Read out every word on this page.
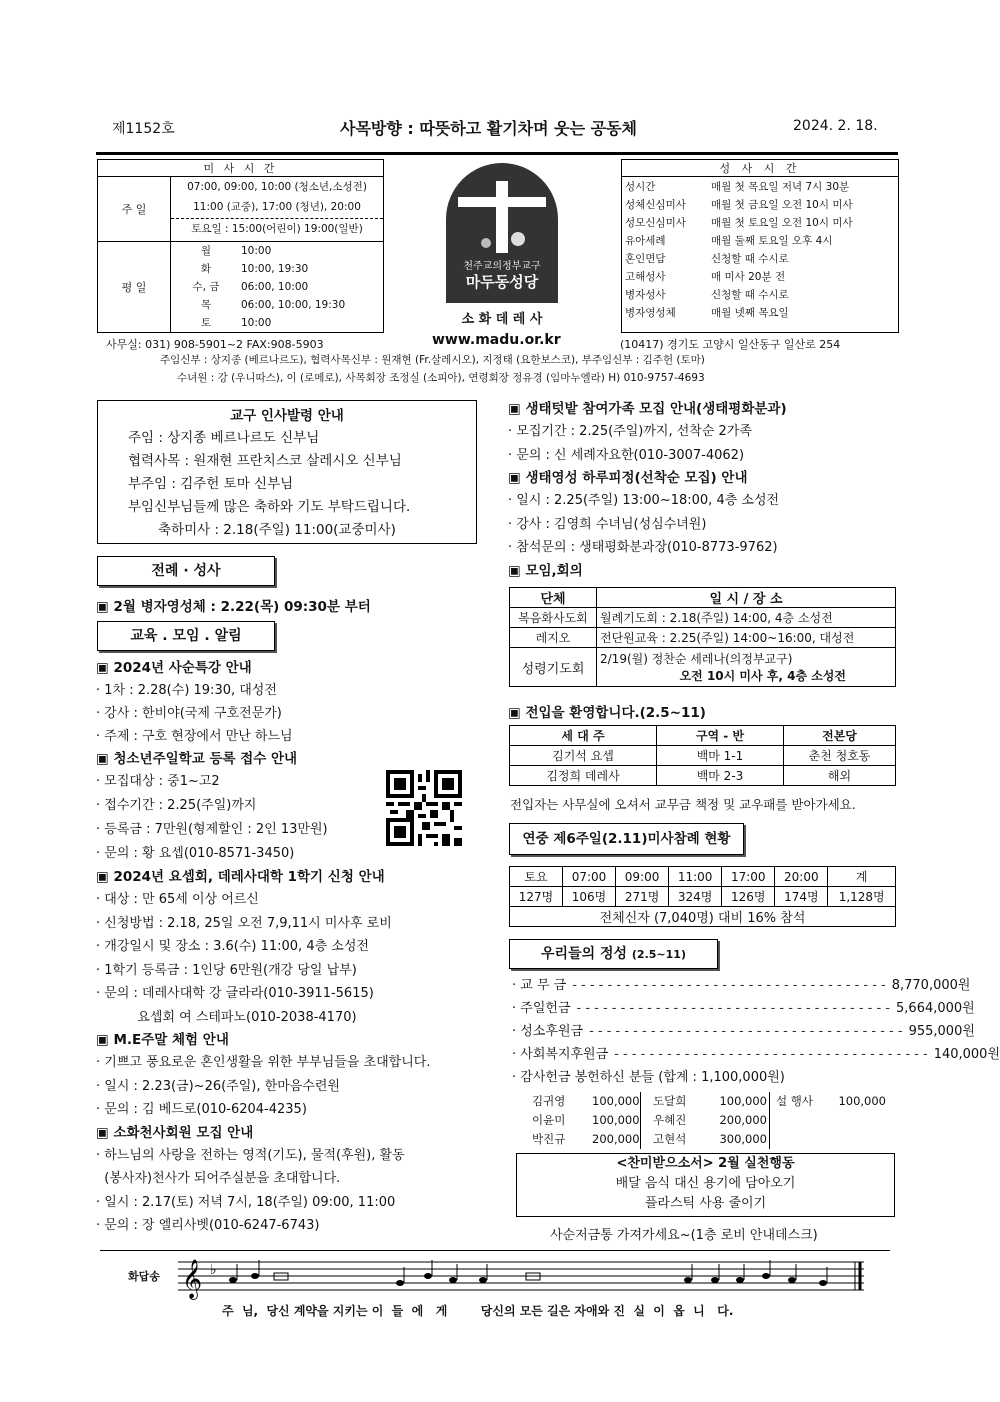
제1152호	사목방향 : 따뜻하고 활기차며 웃는 공동체	2024. 2. 18.
미 사 시 간
주 일
07:00, 09:00, 10:00 (청소년,소성전)
11:00 (교중), 17:00 (청년), 20:00
토요일 : 15:00(어린이) 19:00(일반)
평 일
월	10:00
화	10:00, 19:30
수, 금	06:00, 10:00
목	06:00, 10:00, 19:30
토	10:00
천주교의정부교구
마두동성당
소 화 데 레 사
www.madu.or.kr
성 사 시 간
성시간	매월 첫 목요일 저녁 7시 30분
성체신심미사	매월 첫 금요일 오전 10시 미사
성모신심미사	매월 첫 토요일 오전 10시 미사
유아세례	매월 둘째 토요일 오후 4시
혼인면담	신청할 때 수시로
고해성사	매 미사 20분 전
병자성사	신청할 때 수시로
병자영성체	매월 넷째 목요일
사무실: 031) 908-5901~2 FAX:908-5903	(10417) 경기도 고양시 일산동구 일산로 254
주임신부 : 상지종 (베르나르도), 협력사목신부 : 원재현 (Fr.살레시오), 지정태 (요한보스코), 부주임신부 : 김주헌 (토마)
수녀원 : 강 (우니따스), 이 (로메로), 사목회장 조정실 (소피아), 연령회장 정유경 (임마누엘라) H) 010-9757-4693
교구 인사발령 안내
주임 : 상지종 베르나르도 신부님
협력사목 : 원재현 프란치스코 살레시오 신부님
부주임 : 김주헌 토마 신부님
부임신부님들께 많은 축하와 기도 부탁드립니다.
축하미사 : 2.18(주일) 11:00(교중미사)
전례 · 성사
▣ 2월 병자영성체 : 2.22(목) 09:30분 부터
교육 . 모임 . 알림
▣ 2024년 사순특강 안내
· 1차 : 2.28(수) 19:30, 대성전
· 강사 : 한비야(국제 구호전문가)
· 주제 : 구호 현장에서 만난 하느님
▣ 청소년주일학교 등록 접수 안내
· 모집대상 : 중1~고2
· 접수기간 : 2.25(주일)까지
· 등록금 : 7만원(형제할인 : 2인 13만원)
· 문의 : 황 요셉(010-8571-3450)
▣ 2024년 요셉회, 데레사대학 1학기 신청 안내
· 대상 : 만 65세 이상 어르신
· 신청방법 : 2.18, 25일 오전 7,9,11시 미사후 로비
· 개강일시 및 장소 : 3.6(수) 11:00, 4층 소성전
· 1학기 등록금 : 1인당 6만원(개강 당일 납부)
· 문의 : 데레사대학 강 글라라(010-3911-5615)
요셉회 여 스테파노(010-2038-4170)
▣ M.E주말 체험 안내
· 기쁘고 풍요로운 혼인생활을 위한 부부님들을 초대합니다.
· 일시 : 2.23(금)~26(주일), 한마음수련원
· 문의 : 김 베드로(010-6204-4235)
▣ 소화천사회원 모집 안내
· 하느님의 사랑을 전하는 영적(기도), 물적(후원), 활동
(봉사자)천사가 되어주실분을 초대합니다.
· 일시 : 2.17(토) 저녁 7시, 18(주일) 09:00, 11:00
· 문의 : 장 엘리사벳(010-6247-6743)
▣ 생태텃밭 참여가족 모집 안내(생태평화분과)
· 모집기간 : 2.25(주일)까지, 선착순 2가족
· 문의 : 신 세례자요한(010-3007-4062)
▣ 생태영성 하루피정(선착순 모집) 안내
· 일시 : 2.25(주일) 13:00~18:00, 4층 소성전
· 강사 : 김영희 수녀님(성심수녀원)
· 참석문의 : 생태평화분과장(010-8773-9762)
▣ 모임,회의
단체	일 시 / 장 소
복음화사도회	월례기도회 : 2.18(주일) 14:00, 4층 소성전
레지오	전단원교육 : 2.25(주일) 14:00~16:00, 대성전
성령기도회	2/19(월) 정찬순 세레나(의정부교구)
오전 10시 미사 후, 4층 소성전
▣ 전입을 환영합니다.(2.5~11)
세 대 주	구역 - 반	전본당
김기석 요셉	백마 1-1	춘천 청호동
김정희 데레사	백마 2-3	해외
전입자는 사무실에 오셔서 교무금 책정 및 교우패를 받아가세요.
연중 제6주일(2.11)미사참례 현황
토요	07:00	09:00	11:00	17:00	20:00	계
127명	106명	271명	324명	126명	174명	1,128명
전체신자 (7,040명) 대비 16% 참석						
우리들의 정성 (2.5~11)
· 교 무 금 - - - - - - - - - - - - - - - - - - - - - - - - - - - - - - - - - - - - 8,770,000원
· 주일헌금 - - - - - - - - - - - - - - - - - - - - - - - - - - - - - - - - - - - - 5,664,000원
· 성소후원금 - - - - - - - - - - - - - - - - - - - - - - - - - - - - - - - - - - - - 955,000원
· 사회복지후원금 - - - - - - - - - - - - - - - - - - - - - - - - - - - - - - - - - - - - 140,000원
· 감사헌금 봉헌하신 분들 (합계 : 1,100,000원)
김귀영	100,000	도달희	100,000 설 행사	100,000
이윤미	100,000	우혜진	200,000
박진규	200,000	고현석	300,000
<찬미받으소서> 2월 실천행동
배달 음식 대신 용기에 담아오기
플라스틱 사용 줄이기
사순저금통 가져가세요~(1층 로비 안내데스크)
화답송 𝄞 ♭
주  님,  당신 계약을 지키는 이  들  에   게        당신의 모든 길은 자애와 진  실  이  옵  니   다.
